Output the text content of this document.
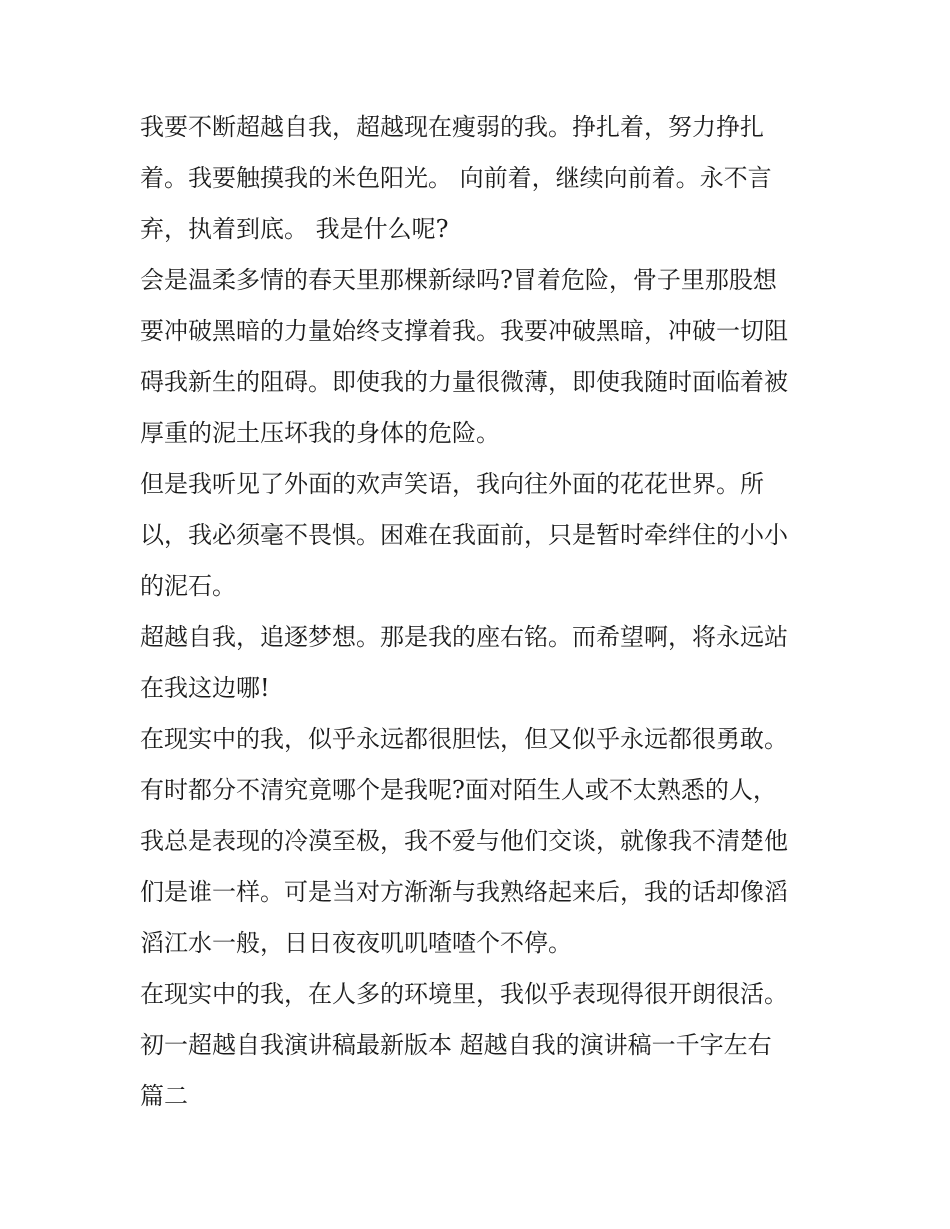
我要不断超越自我，超越现在瘦弱的我。挣扎着，努力挣扎
着。我要触摸我的米色阳光。 向前着，继续向前着。永不言
弃，执着到底。 我是什么呢?
会是温柔多情的春天里那棵新绿吗?冒着危险，骨子里那股想
要冲破黑暗的力量始终支撑着我。我要冲破黑暗，冲破一切阻
碍我新生的阻碍。即使我的力量很微薄，即使我随时面临着被
厚重的泥土压坏我的身体的危险。
但是我听见了外面的欢声笑语，我向往外面的花花世界。所
以，我必须毫不畏惧。困难在我面前，只是暂时牵绊住的小小
的泥石。
超越自我，追逐梦想。那是我的座右铭。而希望啊，将永远站
在我这边哪!
在现实中的我，似乎永远都很胆怯，但又似乎永远都很勇敢。
有时都分不清究竟哪个是我呢?面对陌生人或不太熟悉的人，
我总是表现的冷漠至极，我不爱与他们交谈，就像我不清楚他
们是谁一样。可是当对方渐渐与我熟络起来后，我的话却像滔
滔江水一般，日日夜夜叽叽喳喳个不停。
在现实中的我，在人多的环境里，我似乎表现得很开朗很活。
初一超越自我演讲稿最新版本 超越自我的演讲稿一千字左右
篇二
